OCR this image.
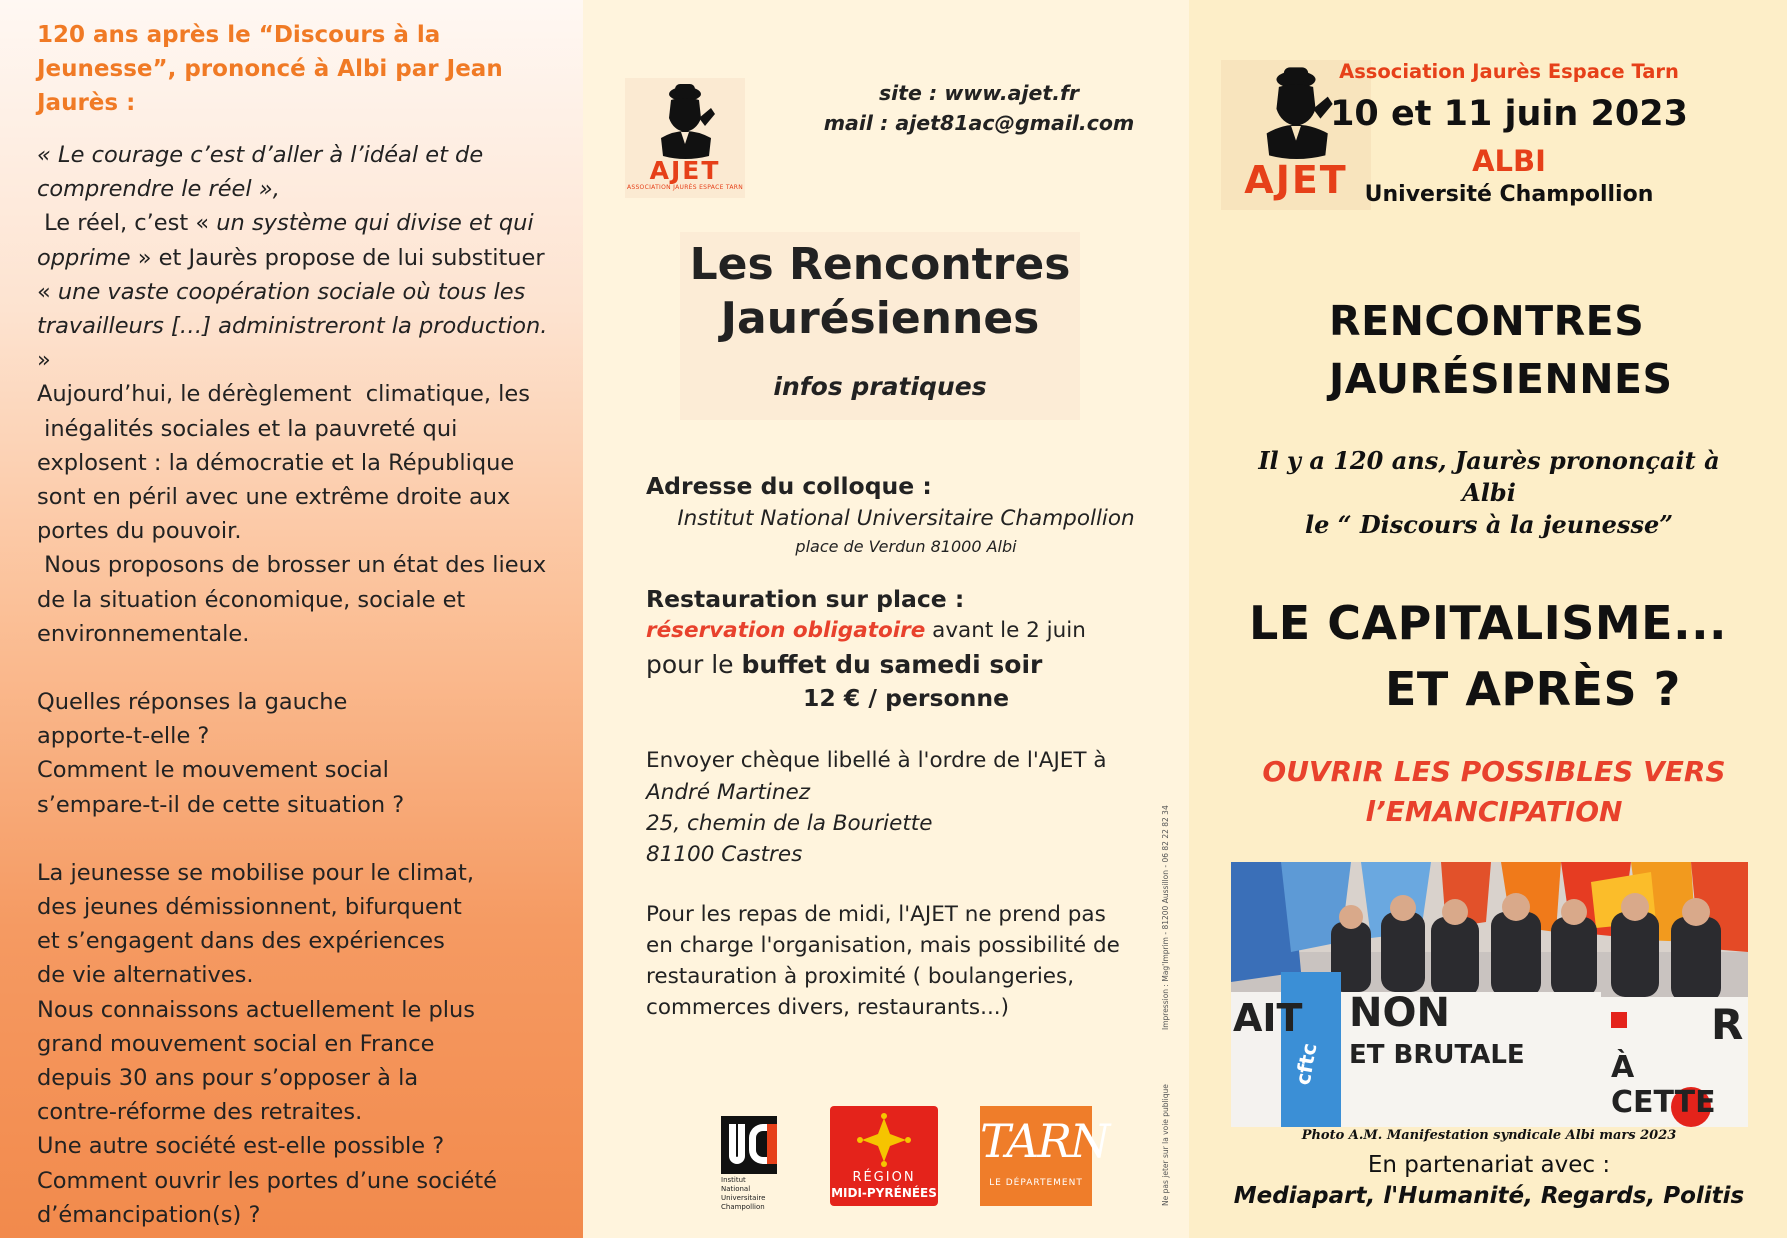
120 ans après le “Discours à la Jeunesse”, prononcé à Albi par Jean Jaurès :

« Le courage c’est d’aller à l’idéal et de comprendre le réel »,
Le réel, c’est « un système qui divise et qui opprime » et Jaurès propose de lui substituer « une vaste coopération sociale où tous les travailleurs […] administreront la production. »
Aujourd’hui, le dérèglement  climatique, les  inégalités sociales et la pauvreté qui explosent : la démocratie et la République sont en péril avec une extrême droite aux portes du pouvoir.
Nous proposons de brosser un état des lieux de la situation économique, sociale et environnementale.
Quelles réponses la gauche
apporte-t-elle ?
Comment le mouvement social
s’empare-t-il de cette situation ?
La jeunesse se mobilise pour le climat,
des jeunes démissionnent, bifurquent
et s’engagent dans des expériences
de vie alternatives.
Nous connaissons actuellement le plus
grand mouvement social en France
depuis 30 ans pour s’opposer à la
contre-réforme des retraites.
Une autre société est-elle possible ?
Comment ouvrir les portes d’une société
d’émancipation(s) ?
AJET
ASSOCIATION JAURÈS ESPACE TARN
site : www.ajet.fr
mail : ajet81ac@gmail.com
Les Rencontres
Jaurésiennes
infos pratiques
Adresse du colloque :
Institut National Universitaire Champollion
place de Verdun 81000 Albi
Restauration sur place :
réservation obligatoire avant le 2 juin
pour le buffet du samedi soir
12 € / personne
Envoyer chèque libellé à l'ordre de l'AJET à
André Martinez
25, chemin de la Bouriette
81100 Castres
Pour les repas de midi, l'AJET ne prend pas
en charge l'organisation, mais possibilité de
restauration à proximité ( boulangeries,
commerces divers, restaurants...)	Impression : Mag'Imprim - 81200 Aussillon - 06 82 22 82 34
Ne pas jeter sur la voie publique
Institut National Universitaire Champollion
RÉGION
MIDI-PYRÉNÉES
TARN
LE DÉPARTEMENT
AJET
Association Jaurès Espace Tarn
10 et 11 juin 2023
ALBI
Université Champollion
RENCONTRES
JAURÉSIENNES
Il y a 120 ans, Jaurès prononçait à Albi
le “ Discours à la jeunesse”
LE CAPITALISME...
ET APRÈS ?
OUVRIR LES POSSIBLES VERS
l’EMANCIPATION
AIT
cftc
NON
ET BRUTALE	À CETTE
R
Photo A.M. Manifestation syndicale Albi mars 2023
En partenariat avec :
Mediapart, l'Humanité, Regards, Politis
